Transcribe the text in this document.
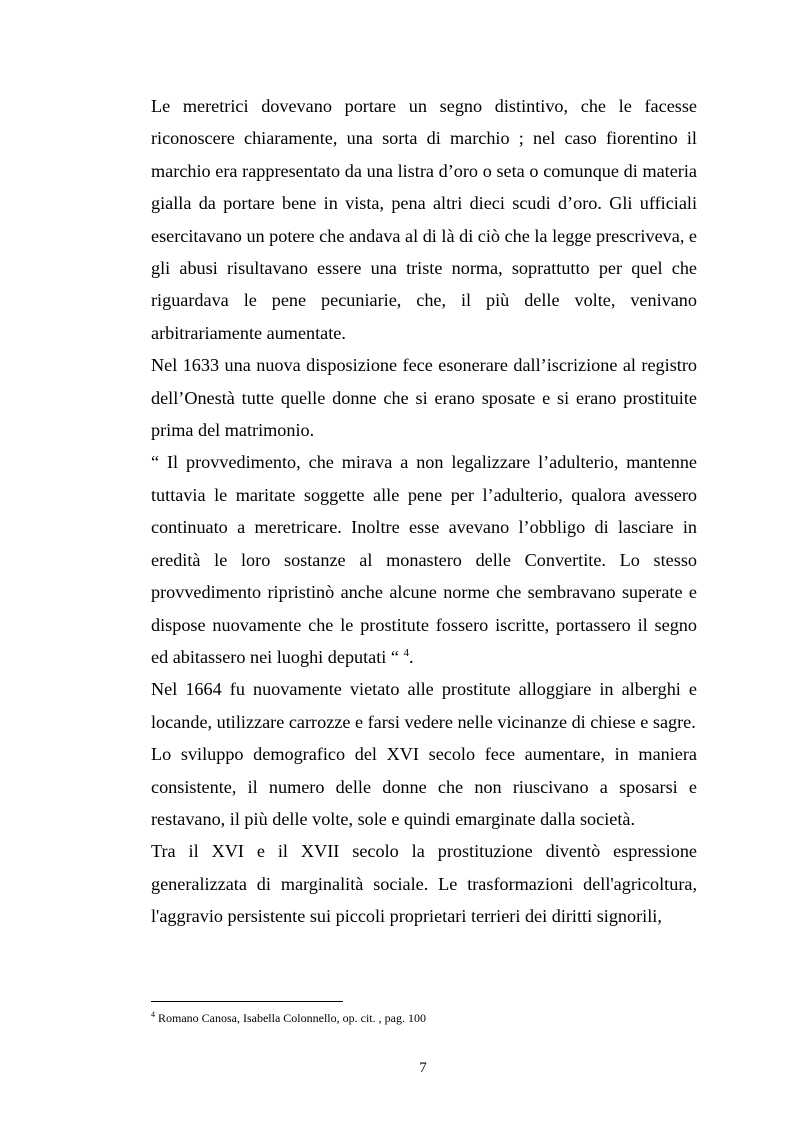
Le meretrici dovevano portare un segno distintivo, che le facesse riconoscere chiaramente, una sorta di marchio ; nel caso fiorentino il marchio era rappresentato da una listra d’oro o seta o comunque di materia gialla da portare bene in vista, pena altri dieci scudi d’oro. Gli ufficiali esercitavano un potere che andava al di là di ciò che la legge prescriveva, e gli abusi risultavano essere una triste norma, soprattutto per quel che riguardava le pene pecuniarie, che, il più delle volte, venivano arbitrariamente aumentate.

Nel 1633 una nuova disposizione fece esonerare dall’iscrizione al registro dell’Onestà tutte quelle donne che si erano sposate e si erano prostituite prima del matrimonio.

“ Il provvedimento, che mirava a non legalizzare l’adulterio, mantenne tuttavia le maritate soggette alle pene per l’adulterio, qualora avessero continuato a meretricare. Inoltre esse avevano l’obbligo di lasciare in eredità le loro sostanze al monastero delle Convertite. Lo stesso provvedimento ripristinò anche alcune norme che sembravano superate e dispose nuovamente che le prostitute fossero iscritte, portassero il segno ed abitassero nei luoghi deputati “ $^4$.

Nel 1664 fu nuovamente vietato alle prostitute alloggiare in alberghi e locande, utilizzare carrozze e farsi vedere nelle vicinanze di chiese e sagre.

Lo sviluppo demografico del XVI secolo fece aumentare, in maniera consistente, il numero delle donne che non riuscivano a sposarsi e restavano, il più delle volte, sole e quindi emarginate dalla società.

Tra il XVI e il XVII secolo la prostituzione diventò espressione generalizzata di marginalità sociale. Le trasformazioni dell'agricoltura, l'aggravio persistente sui piccoli proprietari terrieri dei diritti signorili,

$^4$ Romano Canosa, Isabella Colonnello, op. cit. , pag. 100
7
